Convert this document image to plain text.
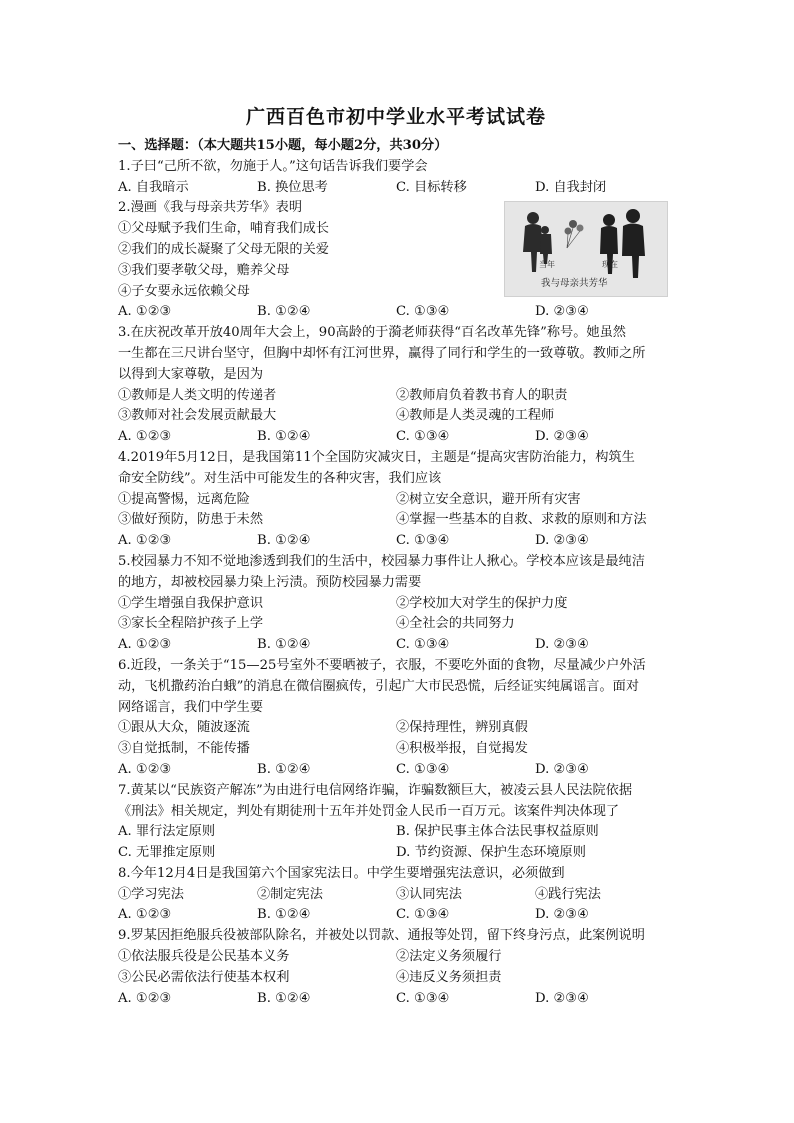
广西百色市初中学业水平考试试卷
一、选择题：（本大题共15小题，每小题2分，共30分）
1.子曰“己所不欲，勿施于人。”这句话告诉我们要学会
A. 自我暗示	B. 换位思考	C. 目标转移	D. 自我封闭
2.漫画《我与母亲共芳华》表明
①父母赋予我们生命，哺育我们成长
②我们的成长凝聚了父母无限的关爱
③我们要孝敬父母，赡养父母
④子女要永远依赖父母
当年	现在
我与母亲共芳华
A. ①②③	B. ①②④	C. ①③④	D. ②③④
3.在庆祝改革开放40周年大会上，90高龄的于漪老师获得“百名改革先锋”称号。她虽然
一生都在三尺讲台坚守，但胸中却怀有江河世界，赢得了同行和学生的一致尊敬。教师之所
以得到大家尊敬，是因为
①教师是人类文明的传递者	②教师肩负着教书育人的职责
③教师对社会发展贡献最大	④教师是人类灵魂的工程师
A. ①②③	B. ①②④	C. ①③④	D. ②③④
4.2019年5月12日，是我国第11个全国防灾减灾日，主题是“提高灾害防治能力，构筑生
命安全防线”。对生活中可能发生的各种灾害，我们应该
①提高警惕，远离危险	②树立安全意识，避开所有灾害
③做好预防，防患于未然	④掌握一些基本的自救、求救的原则和方法
A. ①②③	B. ①②④	C. ①③④	D. ②③④
5.校园暴力不知不觉地渗透到我们的生活中，校园暴力事件让人揪心。学校本应该是最纯洁
的地方，却被校园暴力染上污渍。预防校园暴力需要
①学生增强自我保护意识	②学校加大对学生的保护力度
③家长全程陪护孩子上学	④全社会的共同努力
A. ①②③	B. ①②④	C. ①③④	D. ②③④
6.近段，一条关于“15—25号室外不要晒被子，衣服，不要吃外面的食物，尽量减少户外活
动，飞机撒药治白蛾”的消息在微信圈疯传，引起广大市民恐慌，后经证实纯属谣言。面对
网络谣言，我们中学生要
①跟从大众，随波逐流	②保持理性，辨别真假
③自觉抵制，不能传播	④积极举报，自觉揭发
A. ①②③	B. ①②④	C. ①③④	D. ②③④
7.黄某以“民族资产解冻”为由进行电信网络诈骗，诈骗数额巨大，被凌云县人民法院依据
《刑法》相关规定，判处有期徒刑十五年并处罚金人民币一百万元。该案件判决体现了
A. 罪行法定原则	B. 保护民事主体合法民事权益原则
C. 无罪推定原则	D. 节约资源、保护生态环境原则
8.今年12月4日是我国第六个国家宪法日。中学生要增强宪法意识，必须做到
①学习宪法	②制定宪法	③认同宪法	④践行宪法
A. ①②③	B. ①②④	C. ①③④	D. ②③④
9.罗某因拒绝服兵役被部队除名，并被处以罚款、通报等处罚，留下终身污点，此案例说明
①依法服兵役是公民基本义务	②法定义务须履行
③公民必需依法行使基本权利	④违反义务须担责
A. ①②③	B. ①②④	C. ①③④	D. ②③④
